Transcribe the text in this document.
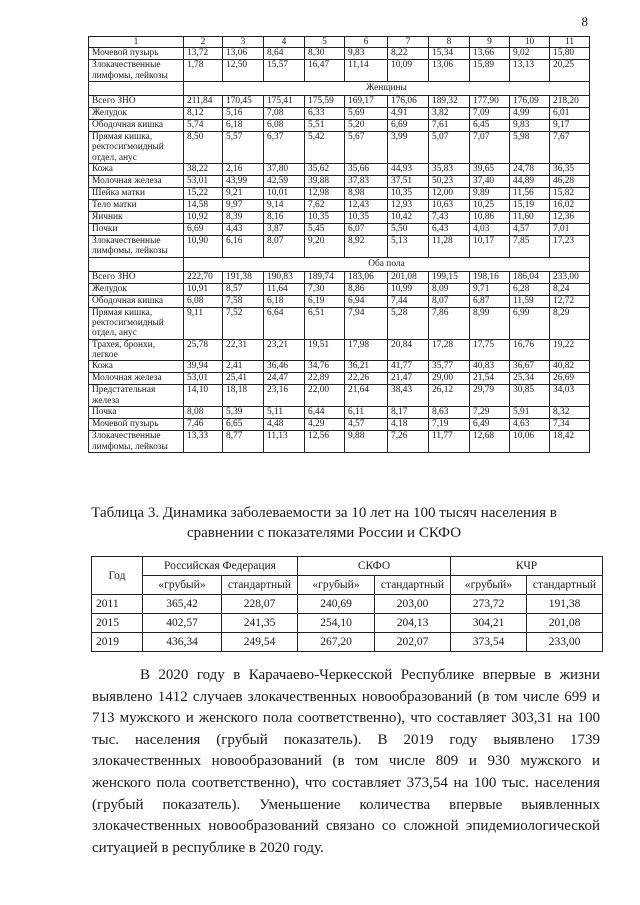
8
1	2	3	4	5	6	7	8	9	10	11
Мочевой пузырь	13,72	13,06	8,64	8,30	9,83	8,22	15,34	13,66	9,02	15,80
Злокачественные лимфомы, лейкозы	1,78	12,50	15,57	16,47	11,14	10,09	13,06	15,89	13,13	20,25
	Женщины									
Всего ЗНО	211,84	170,45	175,41	175,59	169,17	176,06	189,32	177,90	176,09	218,20
Желудок	8,12	5,16	7,08	6,33	5,69	4,91	3,82	7,09	4,99	6,01
Ободочная кишка	5,74	6,18	6,08	5,51	5,20	6,69	7,61	6,45	9,83	9,17
Прямая кишка, ректосигмоидный отдел, анус	8,50	5,57	6,37	5,42	5,67	3,99	5,07	7,07	5,98	7,67
Кожа	38,22	2,16	37,80	35,62	35,66	44,93	35,83	39,65	24,78	36,35
Молочная железа	53,01	43,99	42,59	39,88	37,83	37,51	50,23	37,40	44,89	46,28
Шейка матки	15,22	9,21	10,01	12,98	8,98	10,35	12,00	9,89	11,56	15,82
Тело матки	14,58	9,97	9,14	7,62	12,43	12,93	10,63	10,25	15,19	16,02
Яичник	10,92	8,39	8,16	10,35	10,35	10,42	7,43	10,86	11,60	12,36
Почки	6,69	4,43	3,87	5,45	6,07	5,50	6,43	4,03	4,57	7,01
Злокачественные лимфомы, лейкозы	10,90	6,16	8,07	9,20	8,92	5,13	11,28	10,17	7,85	17,23
	Оба пола									
Всего ЗНО	222,70	191,38	190,83	189,74	183,06	201,08	199,15	198,16	186,04	233,00
Желудок	10,91	8,57	11,64	7,30	8,86	10,99	8,09	9,71	6,28	8,24
Ободочная кишка	6,08	7,58	6,18	6,19	6,94	7,44	8,07	6,87	11,59	12,72
Прямая кишка, ректосигмоидный отдел, анус	9,11	7,52	6,64	6,51	7,94	5,28	7,86	8,99	6,99	8,29
Трахея, бронхи, легкое	25,78	22,31	23,21	19,51	17,98	20,84	17,28	17,75	16,76	19,22
Кожа	39,94	2,41	36,46	34,76	36,21	41,77	35,77	40,83	36,67	40,82
Молочная железа	53,01	25,41	24,47	22,89	22,26	21,47	29,00	21,54	25,34	26,69
Предстательная железа	14,10	18,18	23,16	22,00	21,64	38,43	26,12	29,79	30,85	34,03
Почка	8,08	5,39	5,11	6,44	6,11	8,17	8,63	7,29	5,91	8,32
Мочевой пузырь	7,46	6,65	4,48	4,29	4,57	4,18	7,19	6,49	4,63	7,34
Злокачественные лимфомы, лейкозы	13,33	8,77	11,13	12,56	9,88	7,26	11,77	12,68	10,06	18,42
Таблица 3. Динамика заболеваемости за 10 лет на 100 тысяч населения в сравнении с показателями России и СКФО
Год	Российская Федерация		СКФО		КЧР	
	«грубый»	стандартный	«грубый»	стандартный	«грубый»	стандартный
2011	365,42	228,07	240,69	203,00	273,72	191,38
2015	402,57	241,35	254,10	204,13	304,21	201,08
2019	436,34	249,54	267,20	202,07	373,54	233,00

В 2020 году в Карачаево-Черкесской Республике впервые в жизни выявлено 1412 случаев злокачественных новообразований (в том числе 699 и 713 мужского и женского пола соответственно), что составляет 303,31 на 100 тыс. населения (грубый показатель). В 2019 году выявлено 1739 злокачественных новообразований (в том числе 809 и 930 мужского и женского пола соответственно), что составляет 373,54 на 100 тыс. населения (грубый показатель). Уменьшение количества впервые выявленных злокачественных новообразований связано со сложной эпидемиологической ситуацией в республике в 2020 году.
